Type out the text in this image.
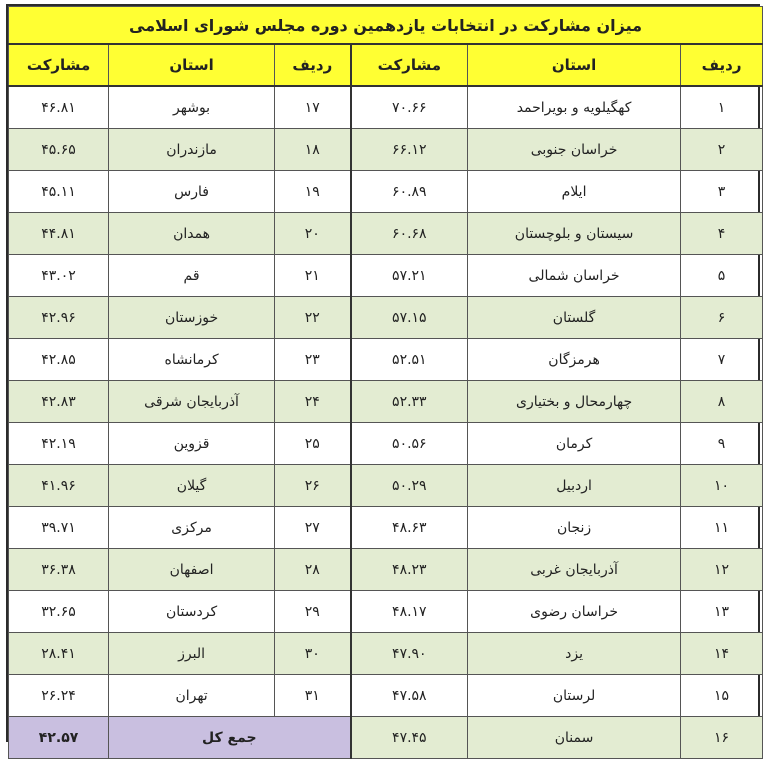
میزان مشارکت در انتخابات یازدهمین دوره مجلس شورای اسلامی					
ردیف	استان	مشارکت	ردیف	استان	مشارکت
۱	کهگیلویه و بویراحمد	۷۰.۶۶	۱۷	بوشهر	۴۶.۸۱
۲	خراسان جنوبی	۶۶.۱۲	۱۸	مازندران	۴۵.۶۵
۳	ایلام	۶۰.۸۹	۱۹	فارس	۴۵.۱۱
۴	سیستان و بلوچستان	۶۰.۶۸	۲۰	همدان	۴۴.۸۱
۵	خراسان شمالی	۵۷.۲۱	۲۱	قم	۴۳.۰۲
۶	گلستان	۵۷.۱۵	۲۲	خوزستان	۴۲.۹۶
۷	هرمزگان	۵۲.۵۱	۲۳	کرمانشاه	۴۲.۸۵
۸	چهارمحال و بختیاری	۵۲.۳۳	۲۴	آذربایجان شرقی	۴۲.۸۳
۹	کرمان	۵۰.۵۶	۲۵	قزوین	۴۲.۱۹
۱۰	اردبیل	۵۰.۲۹	۲۶	گیلان	۴۱.۹۶
۱۱	زنجان	۴۸.۶۳	۲۷	مرکزی	۳۹.۷۱
۱۲	آذربایجان غربی	۴۸.۲۳	۲۸	اصفهان	۳۶.۳۸
۱۳	خراسان رضوی	۴۸.۱۷	۲۹	کردستان	۳۲.۶۵
۱۴	یزد	۴۷.۹۰	۳۰	البرز	۲۸.۴۱
۱۵	لرستان	۴۷.۵۸	۳۱	تهران	۲۶.۲۴
۱۶	سمنان	۴۷.۴۵	جمع کل		۴۲.۵۷
